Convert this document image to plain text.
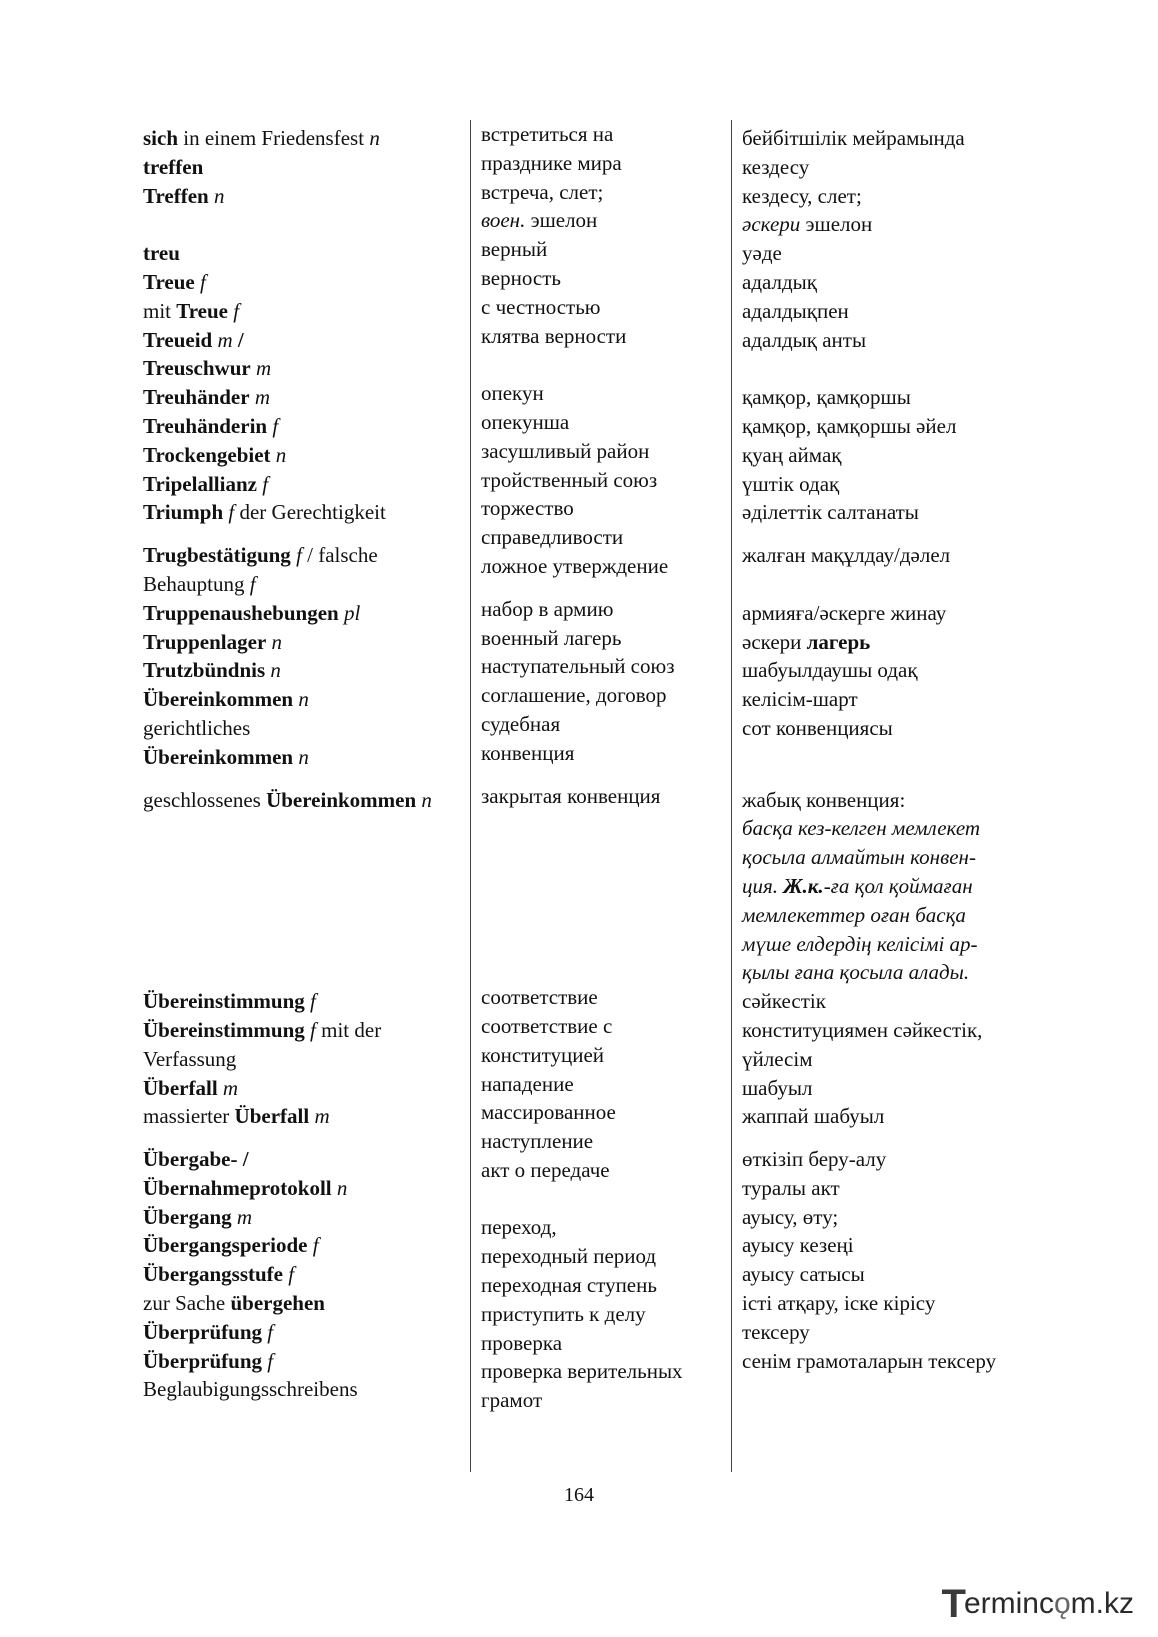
sich in einem Friedensfest n
treffen
Treffen n
treu
Treue f
mit Treue f
Treueid m /
Treuschwur m
Treuhänder m
Treuhänderin f
Trockengebiet n
Tripelallianz f
Triumph f der Gerechtigkeit
Trugbestätigung f / falsche
Behauptung f
Truppenaushebungen pl
Truppenlager n
Trutzbündnis n
Übereinkommen n
gerichtliches
Übereinkommen n
geschlossenes Übereinkommen n
Übereinstimmung f
Übereinstimmung f mit der
Verfassung
Überfall m
massierter Überfall m
Übergabe- /
Übernahmeprotokoll n
Übergang m
Übergangsperiode f
Übergangsstufe f
zur Sache übergehen
Überprüfung f
Überprüfung f
Beglaubigungsschreibens
встретиться на
празднике мира
встреча, слет;
воен. эшелон
верный
верность
с честностью
клятва верности
опекун
опекунша
засушливый район
тройственный союз
торжество
справедливости
ложное утверждение
набор в армию
военный лагерь
наступательный союз
соглашение, договор
судебная
конвенция
закрытая конвенция
соответствие
соответствие с
конституцией
нападение
массированное
наступление
акт о передаче
переход,
переходный период
переходная ступень
приступить к делу
проверка
проверка верительных
грамот
бейбітшілік мейрамында
кездесу
кездесу, слет;
әскери эшелон
уәде
адалдық
адалдықпен
адалдық анты
қамқор, қамқоршы
қамқор, қамқоршы әйел
қуаң аймақ
үштік одақ
әділеттік салтанаты
жалған мақұлдау/дәлел
армияға/әскерге жинау
әскери лагерь
шабуылдаушы одақ
келісім-шарт
сот конвенциясы
жабық конвенция:
басқа кез-келген мемлекет
қосыла алмайтын конвен-
ция. Ж.к.-ға қол қоймаған
мемлекеттер оған басқа
мүше елдердің келісімі ар-
қылы ғана қосыла алады.
сәйкестік
конституциямен сәйкестік,
үйлесім
шабуыл
жаппай шабуыл
өткізіп беру-алу
туралы акт
ауысу, өту;
ауысу кезеңі
ауысу сатысы
істі атқару, іске кірісу
тексеру
сенім грамоталарын тексеру
164
T erminc ǫ m.kz
